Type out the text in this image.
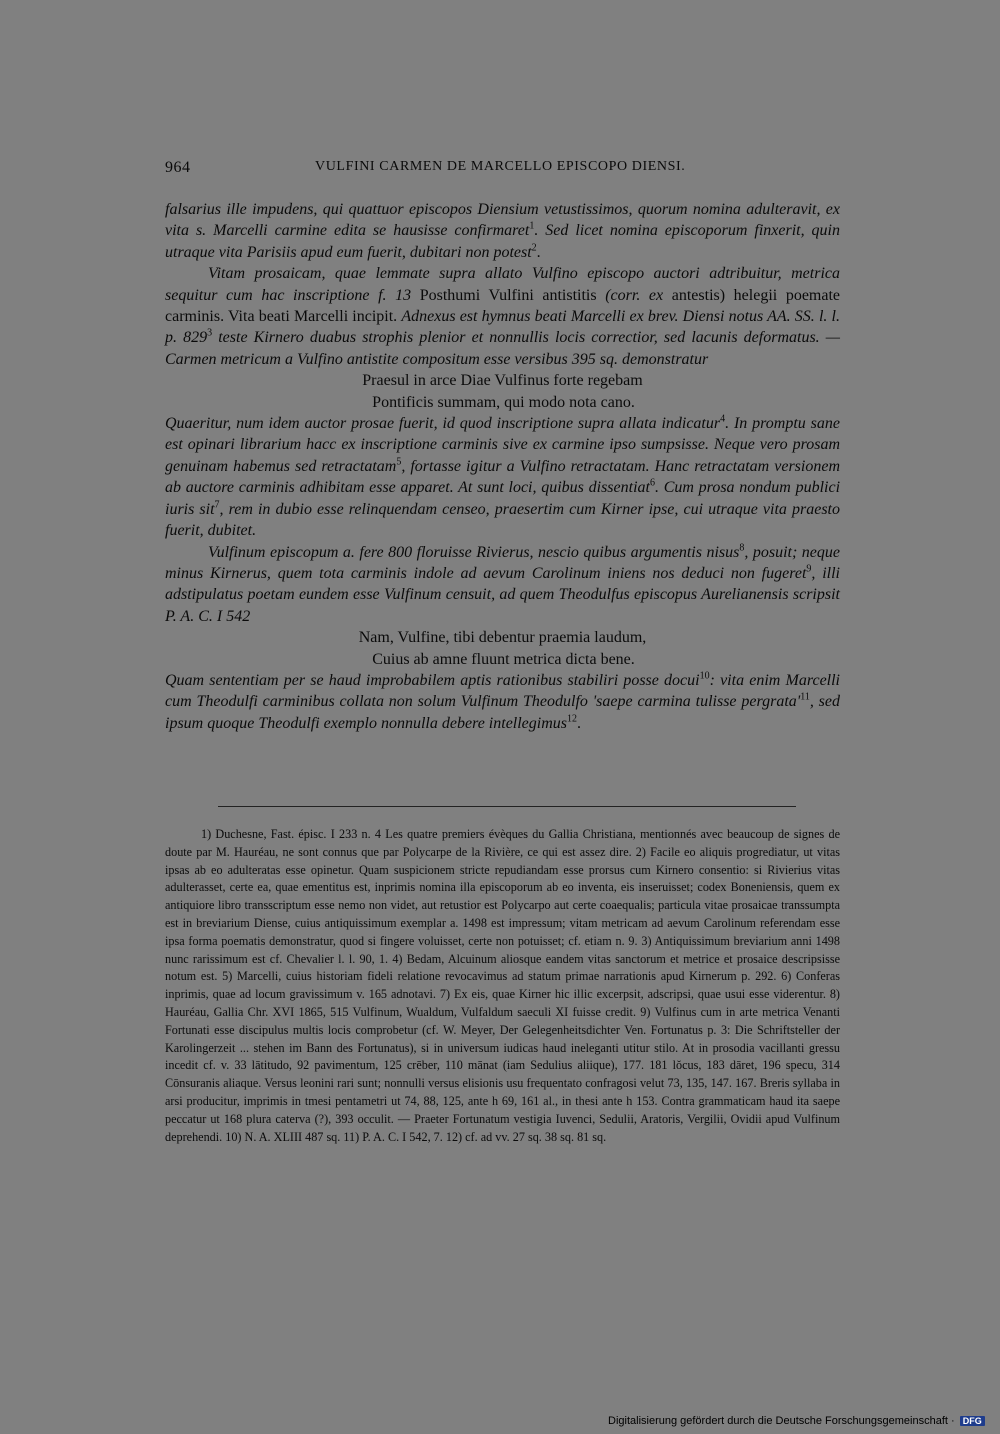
964	VULFINI CARMEN DE MARCELLO EPISCOPO DIENSI.

falsarius ille impudens, qui quattuor episcopos Diensium vetustissimos, quorum nomina adulteravit, ex vita s. Marcelli carmine edita se hausisse confirmaret$^1$. Sed licet nomina episcoporum finxerit, quin utraque vita Parisiis apud eum fuerit, dubitari non potest$^2$.

Vitam prosaicam, quae lemmate supra allato Vulfino episcopo auctori adtribuitur, metrica sequitur cum hac inscriptione f. 13 Posthumi Vulfini antistitis (corr. ex antestis) helegii poemate carminis. Vita beati Marcelli incipit. Adnexus est hymnus beati Marcelli ex brev. Diensi notus AA. SS. l. l. p. $829^3$ teste Kirnero duabus strophis plenior et nonnullis locis correctior, sed lacunis deformatus. — Carmen metricum a Vulfino antistite compositum esse versibus 395 sq. demonstratur

Praesul in arce Diae Vulfinus forte regebam
Pontificis summam, qui modo nota cano.

Quaeritur, num idem auctor prosae fuerit, id quod inscriptione supra allata indicatur$^4$. In promptu sane est opinari librarium hacc ex inscriptione carminis sive ex carmine ipso sumpsisse. Neque vero prosam genuinam habemus sed retractatam$^5$, fortasse igitur a Vulfino retractatam. Hanc retractatam versionem ab auctore carminis adhibitam esse apparet. At sunt loci, quibus dissentiat$^6$. Cum prosa nondum publici iuris sit$^7$, rem in dubio esse relinquendam censeo, praesertim cum Kirner ipse, cui utraque vita praesto fuerit, dubitet.

Vulfinum episcopum a. fere 800 floruisse Rivierus, nescio quibus argumentis nisus$^8$, posuit; neque minus Kirnerus, quem tota carminis indole ad aevum Carolinum iniens nos deduci non fugeret$^9$, illi adstipulatus poetam eundem esse Vulfinum censuit, ad quem Theodulfus episcopus Aurelianensis scripsit P. A. C. I 542

Nam, Vulfine, tibi debentur praemia laudum,
Cuius ab amne fluunt metrica dicta bene.

Quam sententiam per se haud improbabilem aptis rationibus stabiliri posse docui$^{10}$: vita enim Marcelli cum Theodulfi carminibus collata non solum Vulfinum Theodulfo 'saepe carmina tulisse $pergrata'^{11}$, sed ipsum quoque Theodulfi exemplo nonnulla debere intellegimus$^{12}$.

1) Duchesne, Fast. épisc. I 233 n. 4 Les quatre premiers évèques du Gallia Christiana, mentionnés avec beaucoup de signes de doute par M. Hauréau, ne sont connus que par Polycarpe de la Rivière, ce qui est assez dire. 2) Facile eo aliquis progrediatur, ut vitas ipsas ab eo adulteratas esse opinetur. Quam suspicionem stricte repudiandam esse prorsus cum Kirnero consentio: si Rivierius vitas adulterasset, certe ea, quae ementitus est, inprimis nomina illa episcoporum ab eo inventa, eis inseruisset; codex Boneniensis, quem ex antiquiore libro transscriptum esse nemo non videt, aut retustior est Polycarpo aut certe coaequalis; particula vitae prosaicae transsumpta est in breviarium Diense, cuius antiquissimum exemplar a. 1498 est impressum; vitam metricam ad aevum Carolinum referendam esse ipsa forma poematis demonstratur, quod si fingere voluisset, certe non potuisset; cf. etiam n. 9. 3) Antiquissimum breviarium anni 1498 nunc rarissimum est cf. Chevalier l. l. 90, 1. 4) Bedam, Alcuinum aliosque eandem vitas sanctorum et metrice et prosaice descripsisse notum est. 5) Marcelli, cuius historiam fideli relatione revocavimus ad statum primae narrationis apud Kirnerum p. 292. 6) Conferas inprimis, quae ad locum gravissimum v. 165 adnotavi. 7) Ex eis, quae Kirner hic illic excerpsit, adscripsi, quae usui esse viderentur. 8) Hauréau, Gallia Chr. XVI 1865, 515 Vulfinum, Wualdum, Vulfaldum saeculi XI fuisse credit. 9) Vulfinus cum in arte metrica Venanti Fortunati esse discipulus multis locis comprobetur (cf. W. Meyer, Der Gelegenheitsdichter Ven. Fortunatus p. 3: Die Schriftsteller der Karolingerzeit ... stehen im Bann des Fortunatus), si in universum iudicas haud ineleganti utitur stilo. At in prosodia vacillanti gressu incedit cf. v. 33 lātitudo, 92 pavimentum, 125 crēber, 110 mānat (iam Sedulius aliique), 177. 181 lŏcus, 183 dāret, 196 specu, 314 Cōnsuranis aliaque. Versus leonini rari sunt; nonnulli versus elisionis usu frequentato confragosi velut 73, 135, 147. 167. Breris syllaba in arsi producitur, imprimis in tmesi pentametri ut 74, 88, 125, ante h 69, 161 al., in thesi ante h 153. Contra grammaticam haud ita saepe peccatur ut 168 plura caterva (?), 393 occulit. — Praeter Fortunatum vestigia Iuvenci, Sedulii, Aratoris, Vergilii, Ovidii apud Vulfinum deprehendi. 10) N. A. XLIII 487 sq. 11) P. A. C. I 542, 7. 12) cf. ad vv. 27 sq. 38 sq. 81 sq.

Digitalisierung gefördert durch die Deutsche Forschungsgemeinschaft · DFG
